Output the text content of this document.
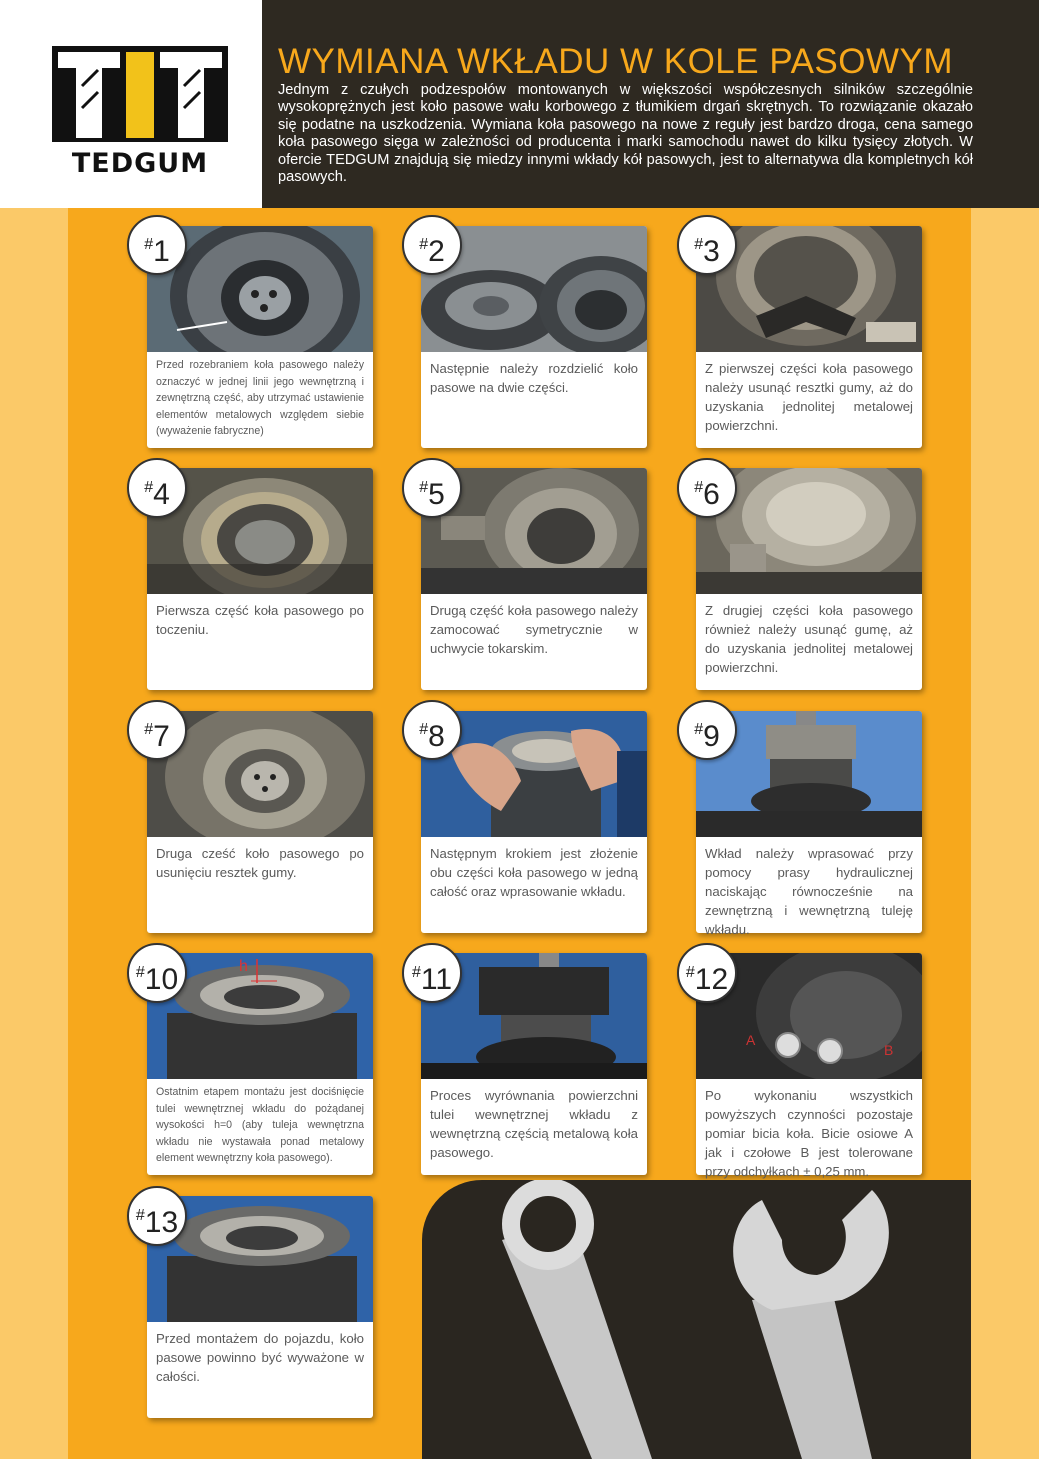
TEDGUM
WYMIANA WKŁADU W KOLE PASOWYM

Jednym z czułych podzespołów montowanych w większości współczesnych silników szczególnie wysokoprężnych jest koło pasowe wału korbowego z tłumikiem drgań skrętnych. To rozwiązanie okazało się podatne na uszkodzenia. Wymiana koła pasowego na nowe z reguły jest bardzo droga, cena samego koła pasowego sięga w zależności od producenta i marki samochodu nawet do kilku tysięcy złotych. W ofercie TEDGUM znajdują się miedzy innymi wkłady kół pasowych, jest to alternatywa dla kompletnych kół pasowych.

Przed rozebraniem koła pasowego należy oznaczyć w jednej linii jego wewnętrzną i zewnętrzną część, aby utrzymać ustawienie elementów metalowych względem siebie (wyważenie fabryczne)

#1

Następnie należy rozdzielić koło pasowe na dwie części.

#2

Z pierwszej części koła pasowego należy usunąć resztki gumy, aż do uzyskania jednolitej metalowej powierzchni.

#3

Pierwsza część koła pasowego po toczeniu.

#4

Drugą część koła pasowego należy zamocować symetrycznie w uchwycie tokarskim.

#5

Z drugiej części koła pasowego również należy usunąć gumę, aż do uzyskania jednolitej metalowej powierzchni.

#6

Druga cześć koło pasowego po usunięciu resztek gumy.

#7

Następnym krokiem jest złożenie obu części koła pasowego w jedną całość oraz wprasowanie wkładu.

#8

Wkład należy wprasować przy pomocy prasy hydraulicznej naciskając równocześnie na zewnętrzną i wewnętrzną tuleję wkładu.

#9
h

Ostatnim etapem montażu jest dociśnięcie tulei wewnętrznej wkładu do pożądanej wysokości h=0 (aby tuleja wewnętrzna wkładu nie wystawała ponad metalowy element wewnętrzny koła pasowego).

#10

Proces wyrównania powierzchni tulei wewnętrznej wkładu z wewnętrzną częścią metalową koła pasowego.

#11
A
B

Po wykonaniu wszystkich powyższych czynności pozostaje pomiar bicia koła. Bicie osiowe A jak i czołowe B jest tolerowane przy odchyłkach ± 0,25 mm.

#12

Przed montażem do pojazdu, koło pasowe powinno być wyważone w całości.

#13
